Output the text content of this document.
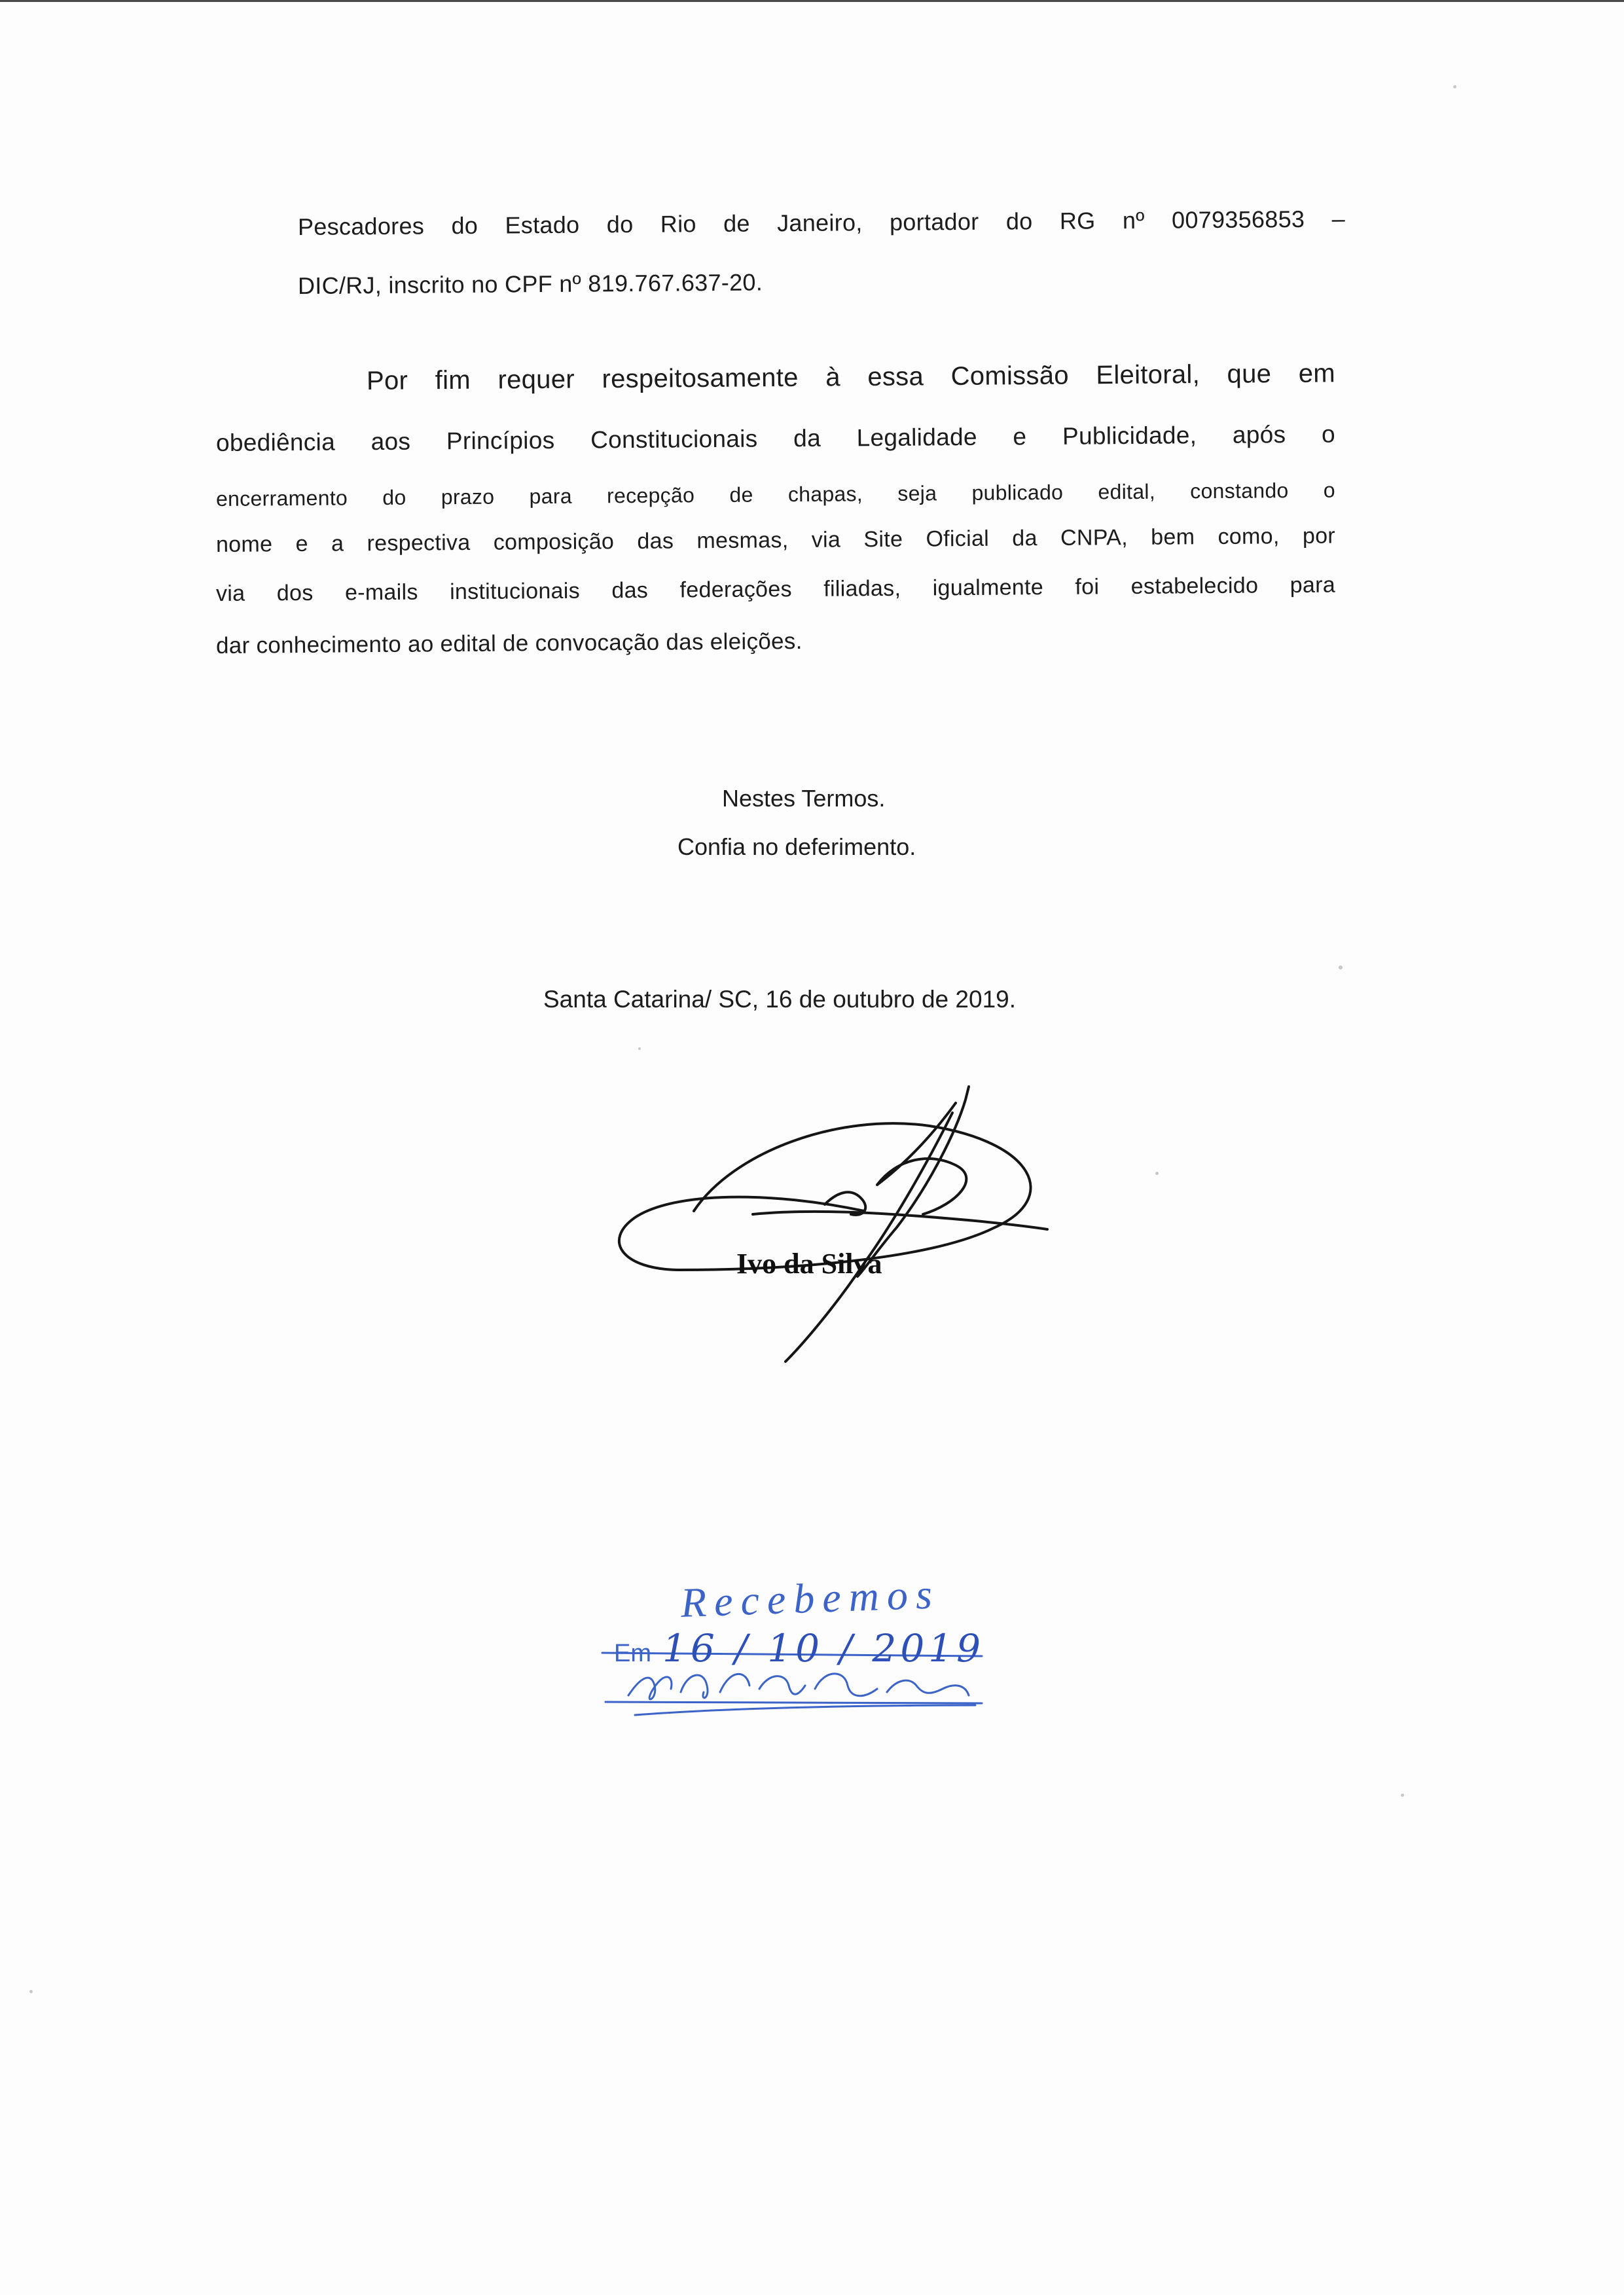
Pescadores do Estado do Rio de Janeiro, portador do RG nº 0079356853 –
DIC/RJ, inscrito no CPF nº 819.767.637-20.
Por fim requer respeitosamente à essa Comissão Eleitoral, que em
obediência aos Princípios Constitucionais da Legalidade e Publicidade, após o
encerramento do prazo para recepção de chapas, seja publicado edital, constando o
nome e a respectiva composição das mesmas, via Site Oficial da CNPA, bem como, por
via dos e-mails institucionais das federações filiadas, igualmente foi estabelecido para
dar conhecimento ao edital de convocação das eleições.
Nestes Termos.
Confia no deferimento.
Santa Catarina/ SC, 16 de outubro de 2019.
Ivo da Silva
Recebemos
Em 16 / 10 / 2019
